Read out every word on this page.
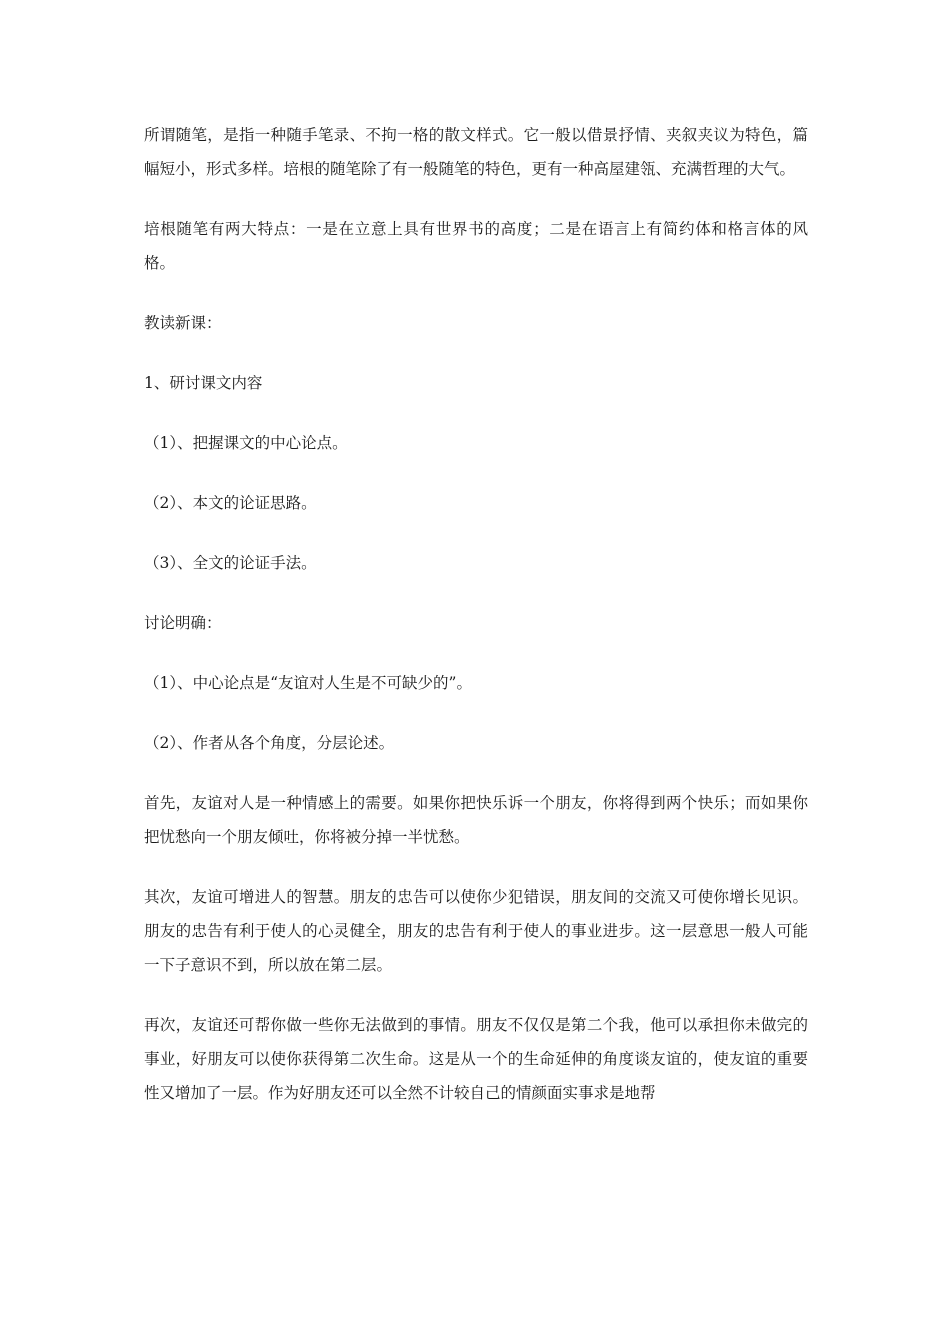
所谓随笔，是指一种随手笔录、不拘一格的散文样式。它一般以借景抒情、夹叙夹议为特色，篇幅短小，形式多样。培根的随笔除了有一般随笔的特色，更有一种高屋建瓴、充满哲理的大气。

培根随笔有两大特点：一是在立意上具有世界书的高度；二是在语言上有简约体和格言体的风格。

教读新课：

1、研讨课文内容

（1）、把握课文的中心论点。

（2）、本文的论证思路。

（3）、全文的论证手法。

讨论明确：

（1）、中心论点是“友谊对人生是不可缺少的”。

（2）、作者从各个角度，分层论述。

首先，友谊对人是一种情感上的需要。如果你把快乐诉一个朋友，你将得到两个快乐；而如果你把忧愁向一个朋友倾吐，你将被分掉一半忧愁。

其次，友谊可增进人的智慧。朋友的忠告可以使你少犯错误，朋友间的交流又可使你增长见识。朋友的忠告有利于使人的心灵健全，朋友的忠告有利于使人的事业进步。这一层意思一般人可能一下子意识不到，所以放在第二层。

再次，友谊还可帮你做一些你无法做到的事情。朋友不仅仅是第二个我，他可以承担你未做完的事业，好朋友可以使你获得第二次生命。这是从一个的生命延伸的角度谈友谊的，使友谊的重要性又增加了一层。作为好朋友还可以全然不计较自己的情颜面实事求是地帮
